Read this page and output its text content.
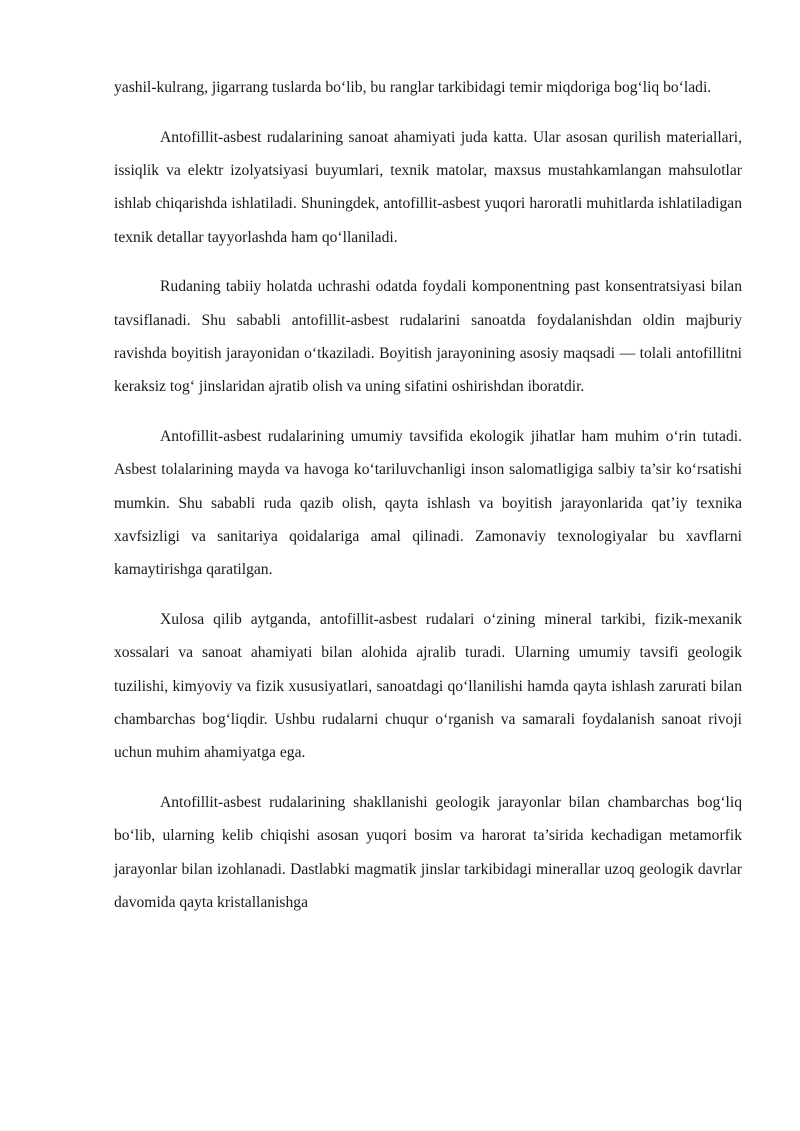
yashil-kulrang, jigarrang tuslarda bo‘lib, bu ranglar tarkibidagi temir miqdoriga bog‘liq bo‘ladi.

Antofillit-asbest rudalarining sanoat ahamiyati juda katta. Ular asosan qurilish materiallari, issiqlik va elektr izolyatsiyasi buyumlari, texnik matolar, maxsus mustahkamlangan mahsulotlar ishlab chiqarishda ishlatiladi. Shuningdek, antofillit-asbest yuqori haroratli muhitlarda ishlatiladigan texnik detallar tayyorlashda ham qo‘llaniladi.

Rudaning tabiiy holatda uchrashi odatda foydali komponentning past konsentratsiyasi bilan tavsiflanadi. Shu sababli antofillit-asbest rudalarini sanoatda foydalanishdan oldin majburiy ravishda boyitish jarayonidan o‘tkaziladi. Boyitish jarayonining asosiy maqsadi — tolali antofillitni keraksiz tog‘ jinslaridan ajratib olish va uning sifatini oshirishdan iboratdir.

Antofillit-asbest rudalarining umumiy tavsifida ekologik jihatlar ham muhim o‘rin tutadi. Asbest tolalarining mayda va havoga ko‘tariluvchanligi inson salomatligiga salbiy ta’sir ko‘rsatishi mumkin. Shu sababli ruda qazib olish, qayta ishlash va boyitish jarayonlarida qat’iy texnika xavfsizligi va sanitariya qoidalariga amal qilinadi. Zamonaviy texnologiyalar bu xavflarni kamaytirishga qaratilgan.

Xulosa qilib aytganda, antofillit-asbest rudalari o‘zining mineral tarkibi, fizik-mexanik xossalari va sanoat ahamiyati bilan alohida ajralib turadi. Ularning umumiy tavsifi geologik tuzilishi, kimyoviy va fizik xususiyatlari, sanoatdagi qo‘llanilishi hamda qayta ishlash zarurati bilan chambarchas bog‘liqdir. Ushbu rudalarni chuqur o‘rganish va samarali foydalanish sanoat rivoji uchun muhim ahamiyatga ega.

Antofillit-asbest rudalarining shakllanishi geologik jarayonlar bilan chambarchas bog‘liq bo‘lib, ularning kelib chiqishi asosan yuqori bosim va harorat ta’sirida kechadigan metamorfik jarayonlar bilan izohlanadi. Dastlabki magmatik jinslar tarkibidagi minerallar uzoq geologik davrlar davomida qayta kristallanishga
